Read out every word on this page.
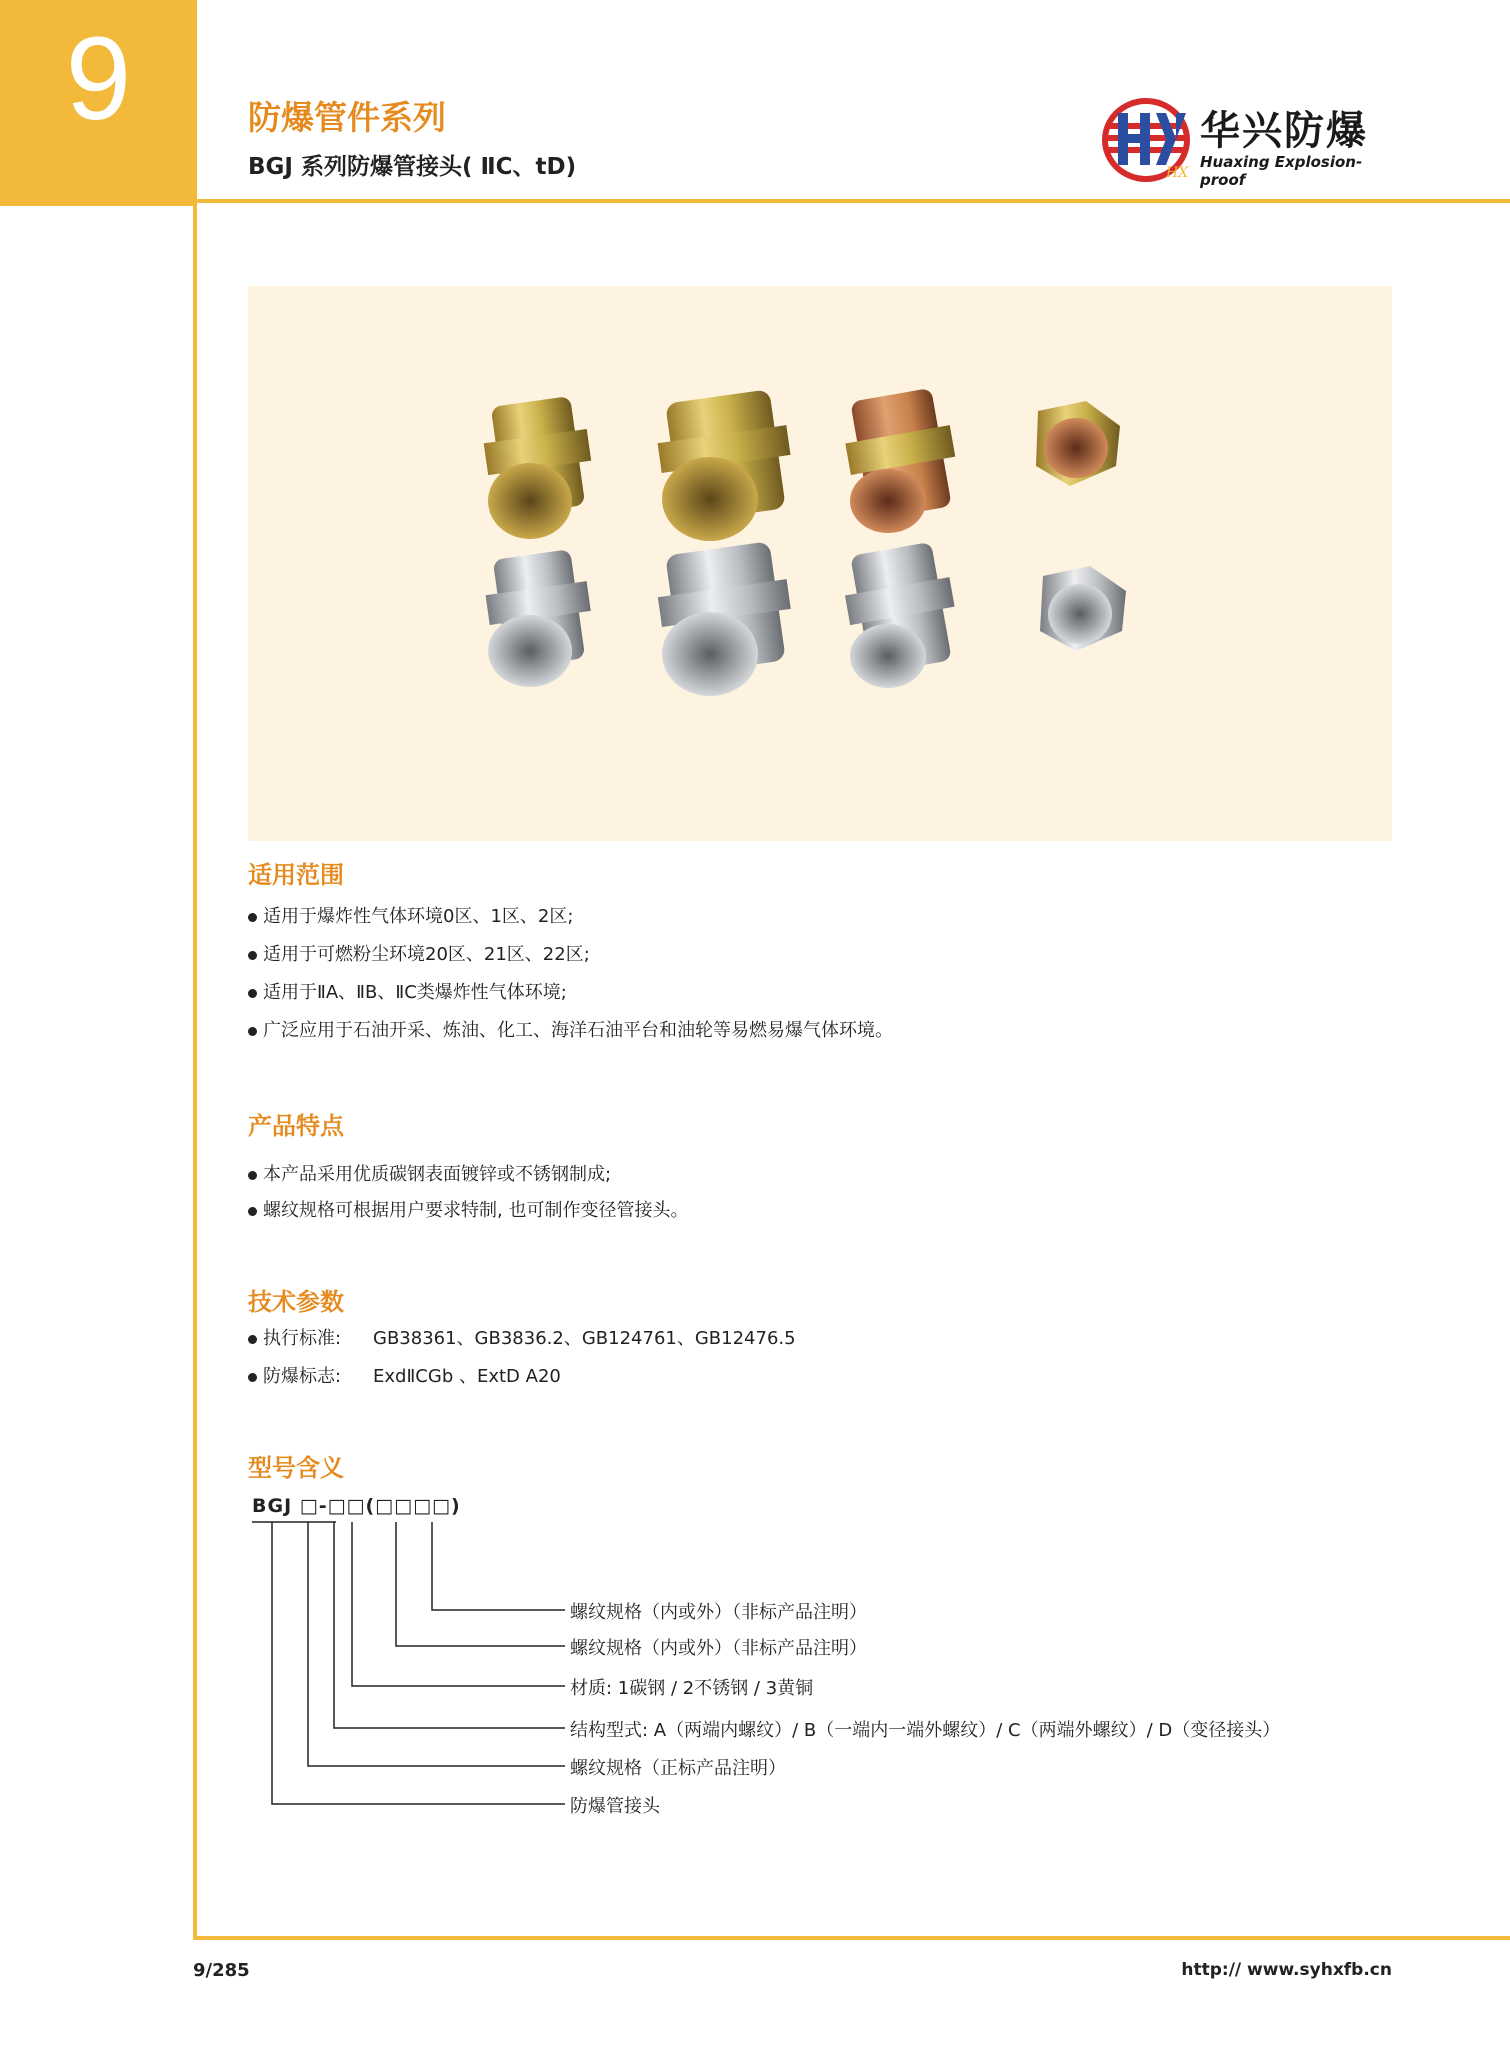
9	防爆管件系列
BGJ 系列防爆管接头( ⅡC、tD)	HX
华兴防爆
Huaxing Explosion-proof
适用范围
适用于爆炸性气体环境0区、1区、2区;
适用于可燃粉尘环境20区、21区、22区;
适用于ⅡA、ⅡB、ⅡC类爆炸性气体环境;
广泛应用于石油开采、炼油、化工、海洋石油平台和油轮等易燃易爆气体环境。
产品特点
本产品采用优质碳钢表面镀锌或不锈钢制成;
螺纹规格可根据用户要求特制, 也可制作变径管接头。
技术参数
执行标准: GB38361、GB3836.2、GB124761、GB12476.5
防爆标志: ExdⅡCGb 、ExtD A20
型号含义
BGJ □-□□(□□□□)
螺纹规格（内或外）（非标产品注明）
螺纹规格（内或外）（非标产品注明）
材质: 1碳钢 / 2不锈钢 / 3黄铜
结构型式: A（两端内螺纹）/ B（一端内一端外螺纹）/ C（两端外螺纹）/ D（变径接头）
螺纹规格（正标产品注明）
防爆管接头
9/285	http:// www.syhxfb.cn
